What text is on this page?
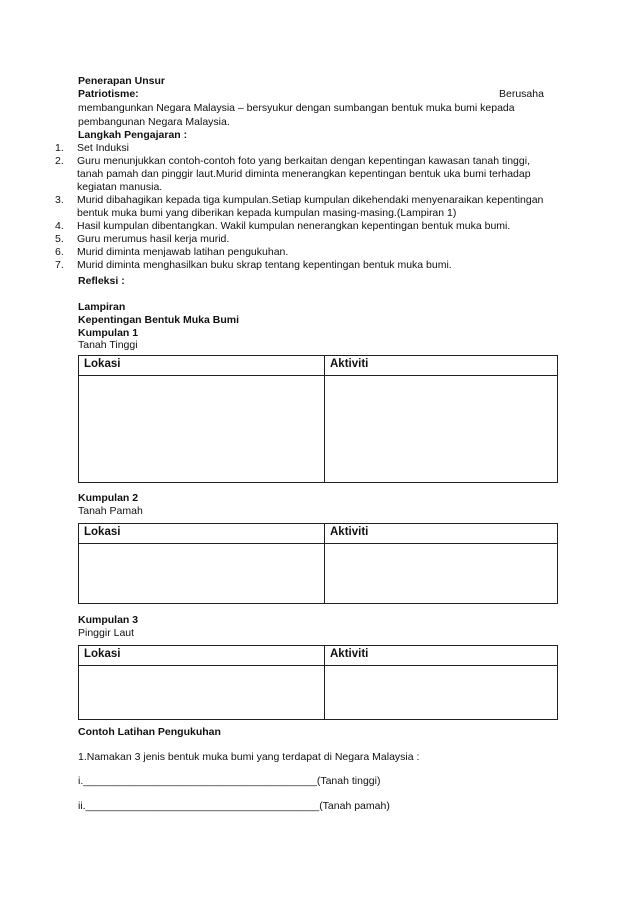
Penerapan Unsur
Patriotisme:	Berusaha
membangunkan Negara Malaysia – bersyukur dengan sumbangan bentuk muka bumi kepada
pembangunan Negara Malaysia.
Langkah Pengajaran :
1. Set Induksi
2. Guru menunjukkan contoh-contoh foto yang berkaitan dengan kepentingan kawasan tanah tinggi,
tanah pamah dan pinggir laut.Murid diminta menerangkan kepentingan bentuk uka bumi terhadap
kegiatan manusia.
3. Murid dibahagikan kepada tiga kumpulan.Setiap kumpulan dikehendaki menyenaraikan kepentingan
bentuk muka bumi yang diberikan kepada kumpulan masing-masing.(Lampiran 1)
4. Hasil kumpulan dibentangkan. Wakil kumpulan nenerangkan kepentingan bentuk muka bumi.
5. Guru merumus hasil kerja murid.
6. Murid diminta menjawab latihan pengukuhan.
7. Murid diminta menghasilkan buku skrap tentang kepentingan bentuk muka bumi.
Refleksi :
Lampiran
Kepentingan Bentuk Muka Bumi
Kumpulan 1
Tanah Tinggi
Lokasi	Aktiviti

Kumpulan 2
Tanah Pamah
Lokasi	Aktiviti

Kumpulan 3
Pinggir Laut
Lokasi	Aktiviti

Contoh Latihan Pengukuhan
1.Namakan 3 jenis bentuk muka bumi yang terdapat di Negara Malaysia :
i.________________________________________(Tanah tinggi)
ii.________________________________________(Tanah pamah)
